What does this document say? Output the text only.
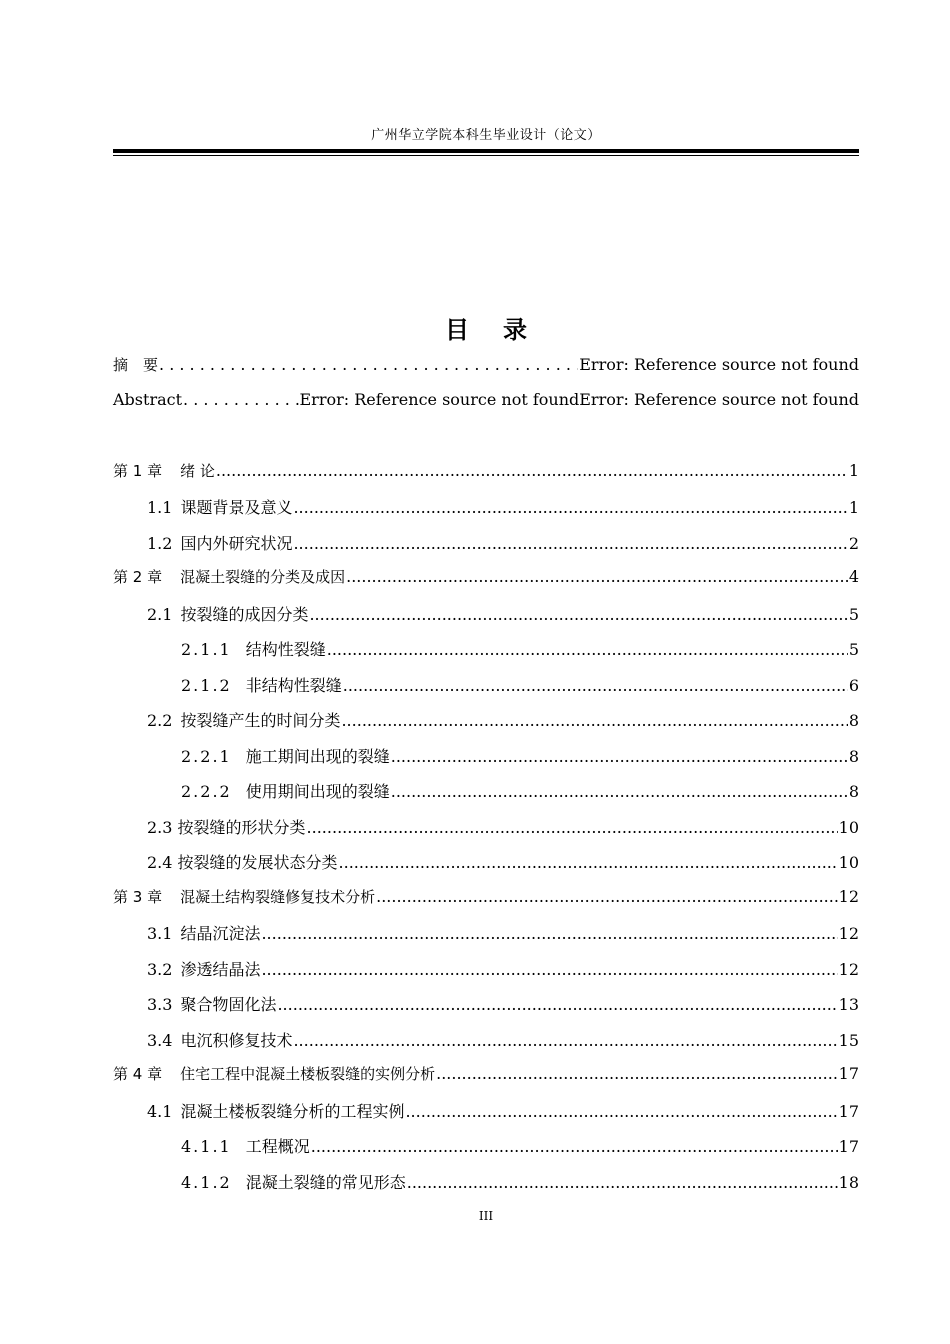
广州华立学院本科生毕业设计（论文）
目 录
摘　要 . . .	Error: Reference source not found
Abstract . . .	Error: Reference source not foundError: Reference source not found
第 1 章 绪 论 .....	1
1.1 课题背景及意义 .....	1
1.2 国内外研究状况 .....	2
第 2 章 混凝土裂缝的分类及成因 .....	4
2.1 按裂缝的成因分类 .....	5
2.1.1 结构性裂缝 .....	5
2.1.2 非结构性裂缝 .....	6
2.2 按裂缝产生的时间分类 .....	8
2.2.1 施工期间出现的裂缝 .....	8
2.2.2 使用期间出现的裂缝 .....	8
2.3 按裂缝的形状分类 .....	10
2.4 按裂缝的发展状态分类 .....	10
第 3 章 混凝土结构裂缝修复技术分析 .....	12
3.1 结晶沉淀法 .....	12
3.2 渗透结晶法 .....	12
3.3 聚合物固化法 .....	13
3.4 电沉积修复技术 .....	15
第 4 章 住宅工程中混凝土楼板裂缝的实例分析 .....	17
4.1 混凝土楼板裂缝分析的工程实例 .....	17
4.1.1 工程概况 .....	17
4.1.2 混凝土裂缝的常见形态 .....	18
III
